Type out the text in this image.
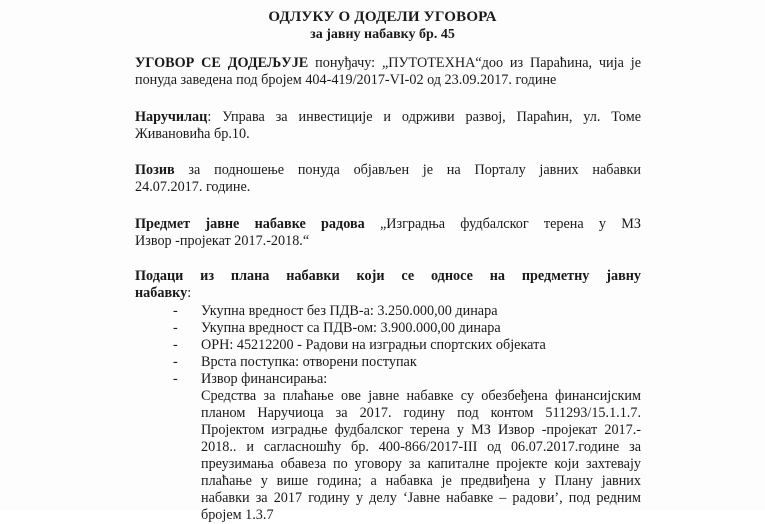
ОДЛУКУ О ДОДЕЛИ УГОВОРА
за јавну набавку бр. 45
УГОВОР СЕ ДОДЕЉУЈЕ понуђачу: „ПУТОТЕХНА“доо из Параћина, чија је
понуда заведена под бројем 404-419/2017-VI-02 од 23.09.2017. године
Наручилац: Управа за инвестиције и одрживи развој, Параћин, ул. Томе
Живановића бр.10.
Позив за подношење понуда објављен је на Порталу јавних набавки
24.07.2017. године.
Предмет јавне набавке радова „Изградња фудбалског терена у МЗ
Извор -пројекат 2017.-2018.“
Подаци из плана набавки који се односе на предметну јавну
набавку:
-	Укупна вредност без ПДВ-а: 3.250.000,00 динара
-	Укупна вредност са ПДВ-ом: 3.900.000,00 динара
-	ОРН: 45212200 - Радови на изградњи спортских објеката
-	Врста поступка: отворени поступак
-	Извор финансирања:
Средства за плаћање ове јавне набавке су обезбеђена финансијским
планом Наручиоца за 2017. годину под контом 511293/15.1.1.7.
Пројектом изградње фудбалског терена у МЗ Извор -пројекат 2017.-
2018.. и сагласношћу бр. 400-866/2017-III од 06.07.2017.године за
преузимања обавеза по уговору за капиталне пројекте који захтевају
плаћање у више година; а набавка је предвиђена у Плану јавних
набавки за 2017 годину у делу ‘Јавне набавке – радови’, под редним
бројем 1.3.7
